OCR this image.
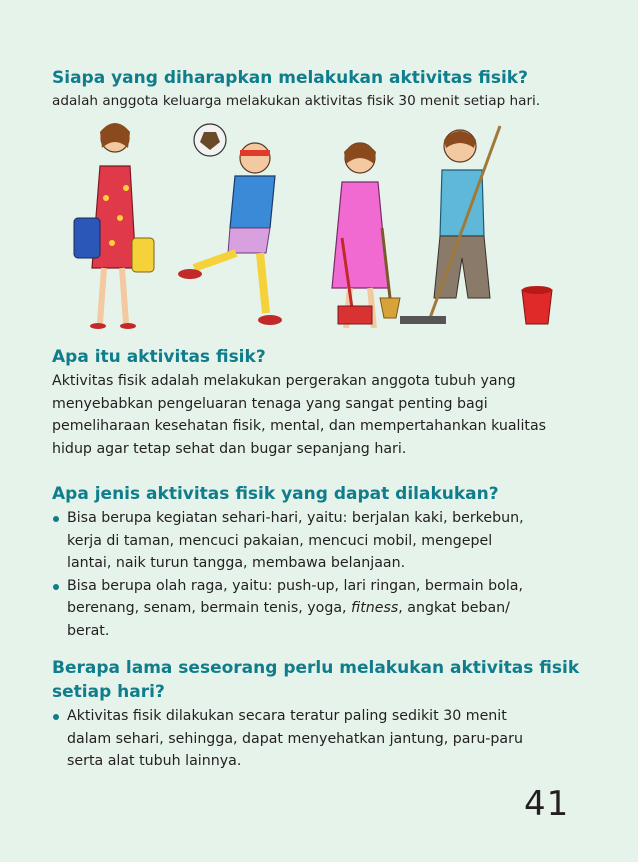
Siapa yang diharapkan melakukan aktivitas fisik?

adalah anggota keluarga melakukan aktivitas fisik 30 menit setiap hari.

Apa itu aktivitas fisik?

Aktivitas fisik adalah melakukan pergerakan anggota tubuh yang

menyebabkan pengeluaran tenaga yang sangat penting bagi

pemeliharaan kesehatan fisik, mental, dan mempertahankan kualitas

hidup agar tetap sehat dan bugar sepanjang hari.

Apa jenis aktivitas fisik yang dapat dilakukan?
Bisa berupa kegiatan sehari-hari, yaitu: berjalan kaki, berkebun,
kerja di taman, mencuci pakaian, mencuci mobil, mengepel
lantai, naik turun tangga, membawa belanjaan.
Bisa berupa olah raga, yaitu: push-up, lari ringan, bermain bola,
berenang, senam, bermain tenis, yoga, fitness, angkat beban/
berat.
Berapa lama seseorang perlu melakukan aktivitas fisik
setiap hari?
Aktivitas fisik dilakukan secara teratur paling sedikit 30 menit
dalam sehari, sehingga, dapat menyehatkan jantung, paru-paru
serta alat tubuh lainnya.
41
